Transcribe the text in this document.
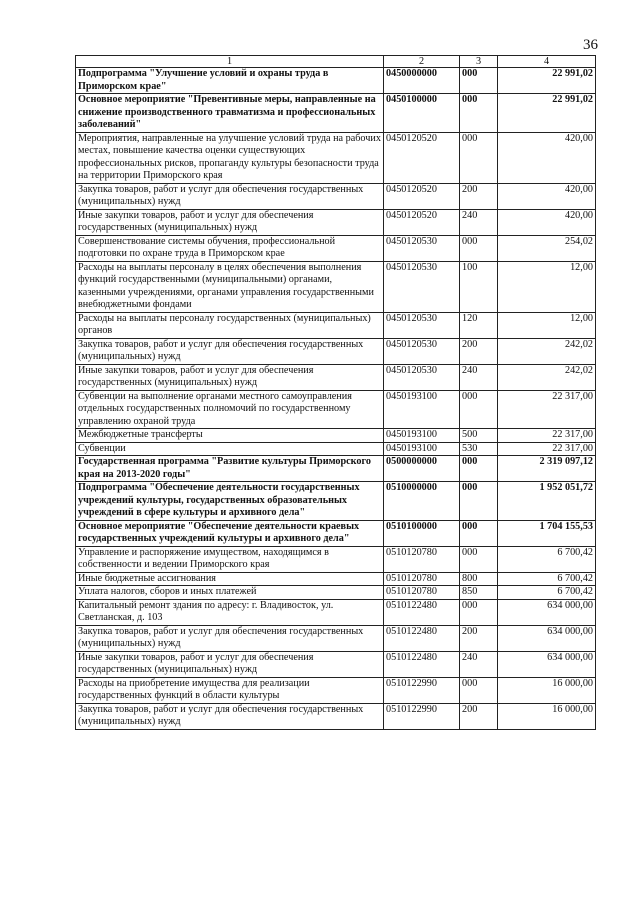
36
1	2	3	4
Подпрограмма "Улучшение условий и охраны труда в Приморском крае"	0450000000	000	22 991,02
Основное мероприятие "Превентивные меры, направленные на снижение производственного травматизма и профессиональных заболеваний"	0450100000	000	22 991,02
Мероприятия, направленные на улучшение условий труда на рабочих местах, повышение качества оценки существующих профессиональных рисков, пропаганду культуры безопасности труда на территории Приморского края	0450120520	000	420,00
Закупка товаров, работ и услуг для обеспечения государственных (муниципальных) нужд	0450120520	200	420,00
Иные закупки товаров, работ и услуг для обеспечения государственных (муниципальных) нужд	0450120520	240	420,00
Совершенствование системы обучения, профессиональной подготовки по охране труда в Приморском крае	0450120530	000	254,02
Расходы на выплаты персоналу в целях обеспечения выполнения функций государственными (муниципальными) органами, казенными учреждениями, органами управления государственными внебюджетными фондами	0450120530	100	12,00
Расходы на выплаты персоналу государственных (муниципальных) органов	0450120530	120	12,00
Закупка товаров, работ и услуг для обеспечения государственных (муниципальных) нужд	0450120530	200	242,02
Иные закупки товаров, работ и услуг для обеспечения государственных (муниципальных) нужд	0450120530	240	242,02
Субвенции на выполнение органами местного самоуправления отдельных государственных полномочий по государственному управлению охраной труда	0450193100	000	22 317,00
Межбюджетные трансферты	0450193100	500	22 317,00
Субвенции	0450193100	530	22 317,00
Государственная программа "Развитие культуры Приморского края на 2013-2020 годы"	0500000000	000	2 319 097,12
Подпрограмма "Обеспечение деятельности государственных учреждений культуры, государственных образовательных учреждений в сфере культуры и архивного дела"	0510000000	000	1 952 051,72
Основное мероприятие "Обеспечение деятельности краевых государственных учреждений культуры и архивного дела"	0510100000	000	1 704 155,53
Управление и распоряжение имуществом, находящимся в собственности и ведении Приморского края	0510120780	000	6 700,42
Иные бюджетные ассигнования	0510120780	800	6 700,42
Уплата налогов, сборов и иных платежей	0510120780	850	6 700,42
Капитальный ремонт здания по адресу: г. Владивосток, ул. Светланская, д. 103	0510122480	000	634 000,00
Закупка товаров, работ и услуг для обеспечения государственных (муниципальных) нужд	0510122480	200	634 000,00
Иные закупки товаров, работ и услуг для обеспечения государственных (муниципальных) нужд	0510122480	240	634 000,00
Расходы на приобретение имущества для реализации государственных функций в области культуры	0510122990	000	16 000,00
Закупка товаров, работ и услуг для обеспечения государственных (муниципальных) нужд	0510122990	200	16 000,00
